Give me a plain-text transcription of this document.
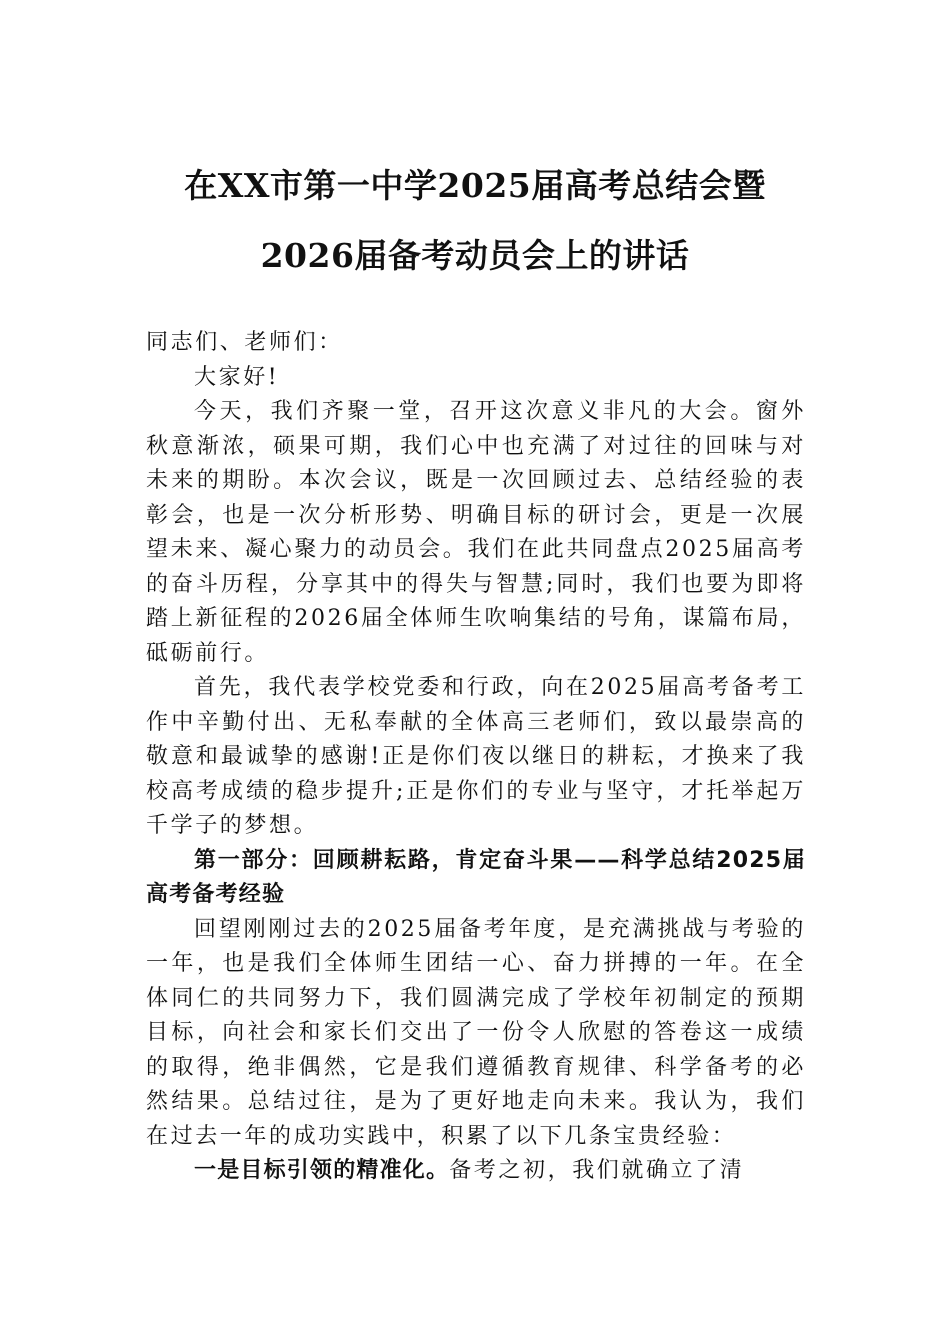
在XX市第一中学2025届高考总结会暨
2026届备考动员会上的讲话

同志们、老师们：

大家好!

今天，我们齐聚一堂，召开这次意义非凡的大会。窗外秋意渐浓，硕果可期，我们心中也充满了对过往的回味与对未来的期盼。本次会议，既是一次回顾过去、总结经验的表彰会，也是一次分析形势、明确目标的研讨会，更是一次展望未来、凝心聚力的动员会。我们在此共同盘点2025届高考的奋斗历程，分享其中的得失与智慧;同时，我们也要为即将踏上新征程的2026届全体师生吹响集结的号角，谋篇布局，砥砺前行。

首先，我代表学校党委和行政，向在2025届高考备考工作中辛勤付出、无私奉献的全体高三老师们，致以最崇高的敬意和最诚挚的感谢!正是你们夜以继日的耕耘，才换来了我校高考成绩的稳步提升;正是你们的专业与坚守，才托举起万千学子的梦想。

第一部分：回顾耕耘路，肯定奋斗果——科学总结2025届高考备考经验

回望刚刚过去的2025届备考年度，是充满挑战与考验的一年，也是我们全体师生团结一心、奋力拼搏的一年。在全体同仁的共同努力下，我们圆满完成了学校年初制定的预期目标，向社会和家长们交出了一份令人欣慰的答卷这一成绩的取得，绝非偶然，它是我们遵循教育规律、科学备考的必然结果。总结过往，是为了更好地走向未来。我认为，我们在过去一年的成功实践中，积累了以下几条宝贵经验：

一是目标引领的精准化。备考之初，我们就确立了清
